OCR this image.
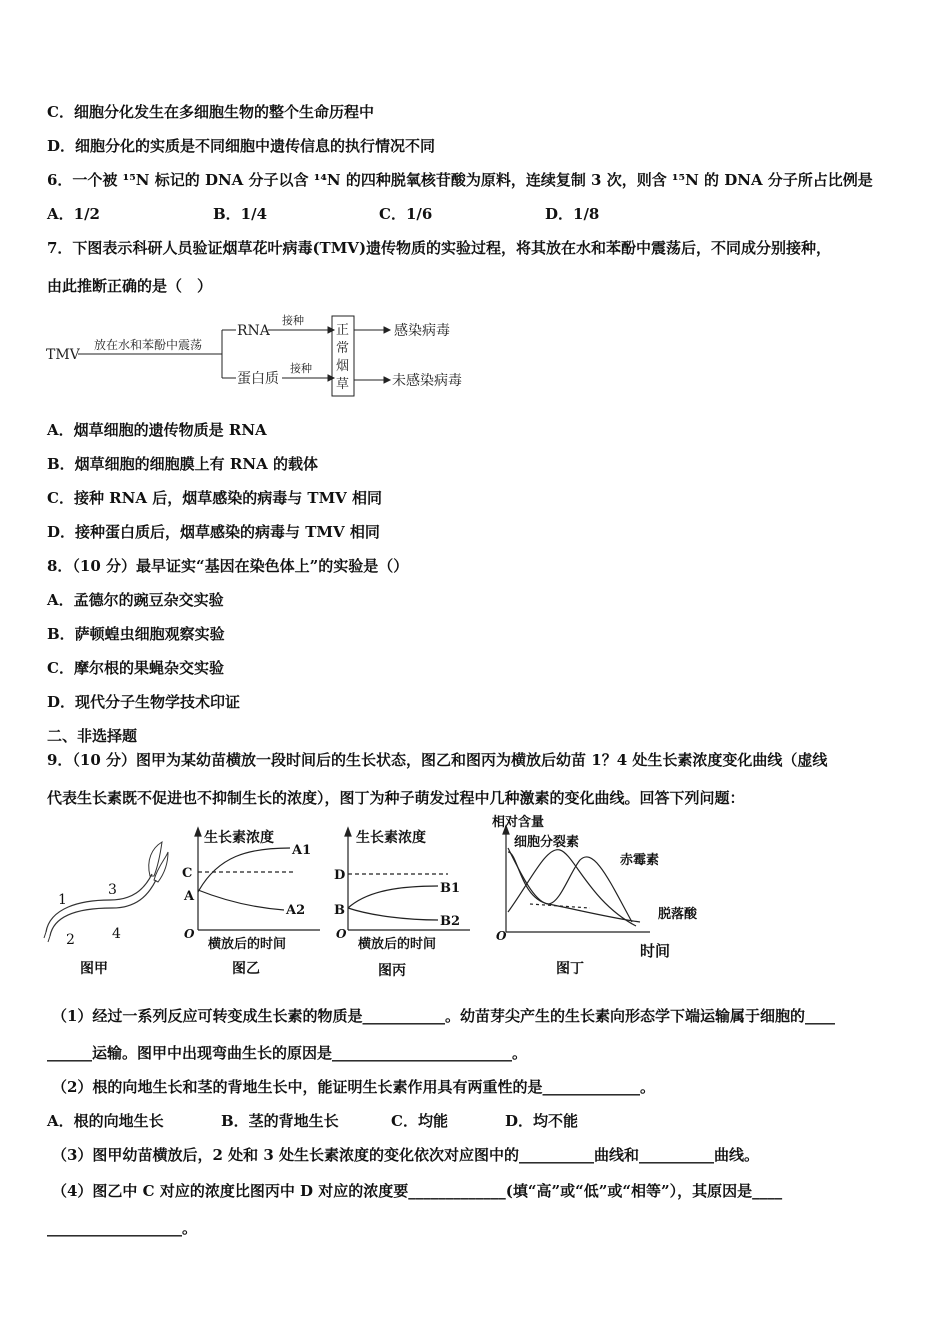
C．细胞分化发生在多细胞生物的整个生命历程中
D．细胞分化的实质是不同细胞中遗传信息的执行情况不同
6．一个被 ¹⁵N 标记的 DNA 分子以含 ¹⁴N 的四种脱氧核苷酸为原料，连续复制 3 次，则含 ¹⁵N 的 DNA 分子所占比例是
A．1/2	B．1/4	C．1/6	D．1/8
7．下图表示科研人员验证烟草花叶病毒(TMV)遗传物质的实验过程，将其放在水和苯酚中震荡后，不同成分别接种，
由此推断正确的是（　）
TMV
放在水和苯酚中震荡
RNA
蛋白质
接种
接种
正 常 烟 草
感染病毒
未感染病毒
A．烟草细胞的遗传物质是 RNA
B．烟草细胞的细胞膜上有 RNA 的载体
C．接种 RNA 后，烟草感染的病毒与 TMV 相同
D．接种蛋白质后，烟草感染的病毒与 TMV 相同
8．（10 分）最早证实“基因在染色体上”的实验是（）
A．孟德尔的豌豆杂交实验
B．萨顿蝗虫细胞观察实验
C．摩尔根的果蝇杂交实验
D．现代分子生物学技术印证
二、非选择题
9．（10 分）图甲为某幼苗横放一段时间后的生长状态，图乙和图丙为横放后幼苗 1？4 处生长素浓度变化曲线（虚线
代表生长素既不促进也不抑制生长的浓度），图丁为种子萌发过程中几种激素的变化曲线。回答下列问题：
1
2
3
4
生长素浓度
C
A
A1
A2
O
横放后的时间
生长素浓度
D
B
B1
B2
O
横放后的时间
相对含量
细胞分裂素
赤霉素
脱落酸
O
时间
图甲	图乙	图丙	图丁
（1）经过一系列反应可转变成生长素的物质是___________。幼苗芽尖产生的生长素向形态学下端运输属于细胞的____
______运输。图甲中出现弯曲生长的原因是________________________。
（2）根的向地生长和茎的背地生长中，能证明生长素作用具有两重性的是_____________。
A．根的向地生长	B．茎的背地生长	C．均能	D．均不能
（3）图甲幼苗横放后，2 处和 3 处生长素浓度的变化依次对应图中的__________曲线和__________曲线。
（4）图乙中 C 对应的浓度比图丙中 D 对应的浓度要_____________(填“高”或“低”或“相等”），其原因是____
__________________。
